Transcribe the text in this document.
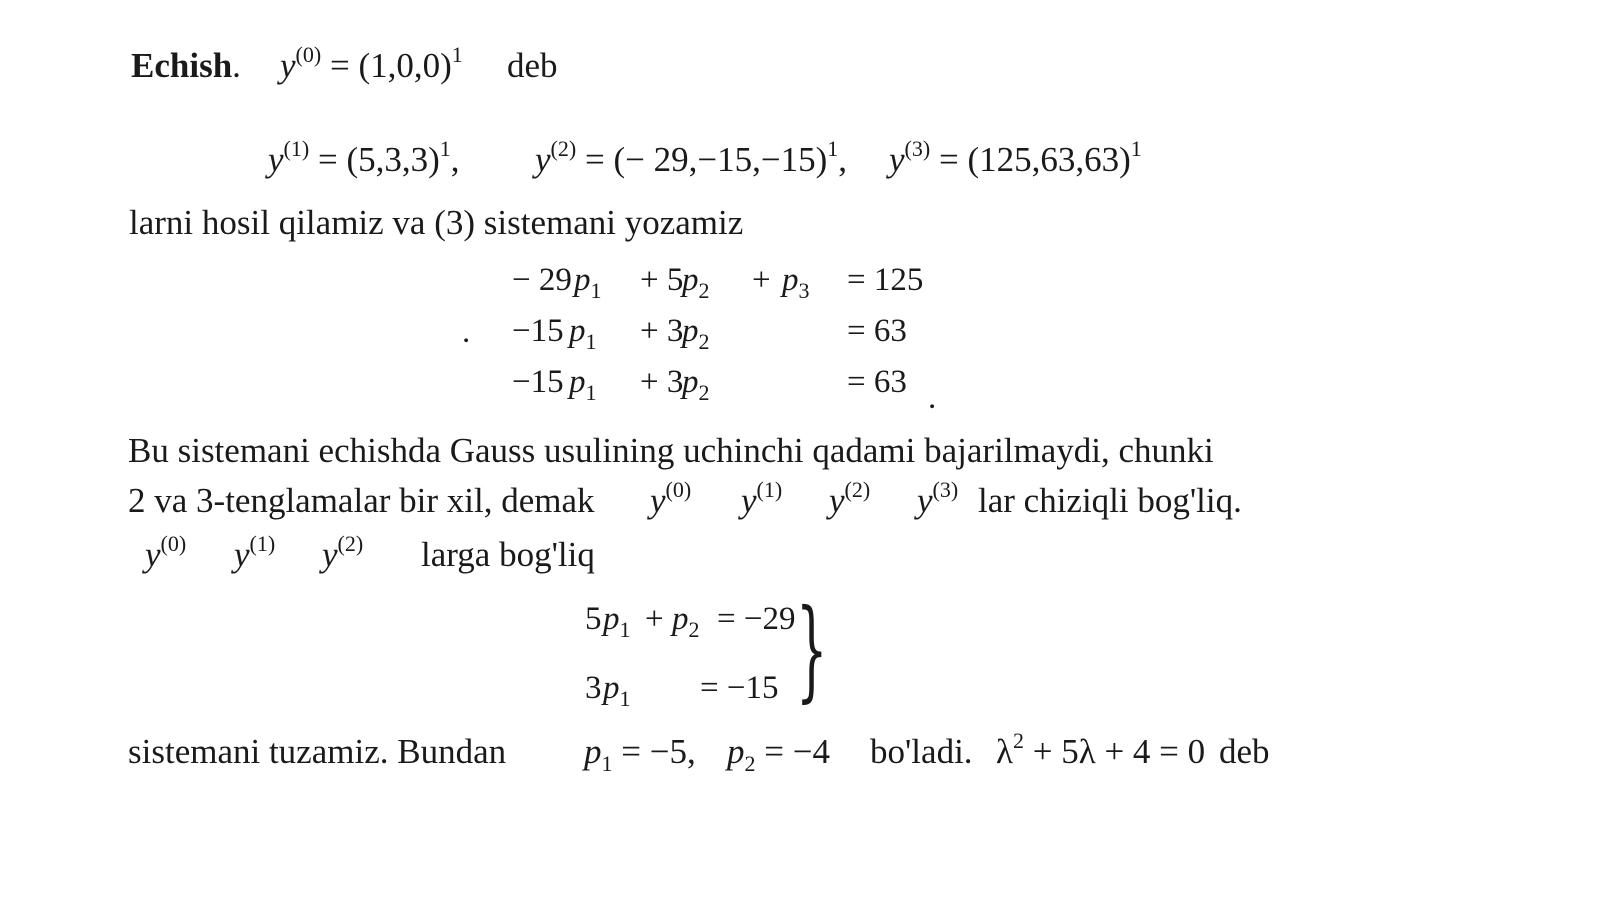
Echish. $y^{(0)} = (1,0,0)^1$ deb
$y^{(1)} = (5,3,3)^1$, $y^{(2)}$ = (− 29,−15,−15)$^1$, $y^{(3)} = (125,63,63)^1$
larni hosil qilamiz va (3) sistemani yozamiz
− 29 $p_1 + 5$
$p_2 + p_3 = 125$
. −15 $p_1 + 3$
$p_2$	= 63
−15 $p_1 + 3$
$p_2$	= 63 .
Bu sistemani echishda Gauss usulining uchinchi qadami bajarilmaydi, chunki
2 va 3-tenglamalar bir xil, demak $y^{(0)}$ $y^{(1)}$ $y^{(2)}$ $y^{(3)}$ lar chiziqli bog'liq.
$y^{(0)}$ $y^{(1)}$ $y^{(2)}$ larga bog'liq
5 $p_1 + p_2 = -29$
3 $p_1 = -15$ }
sistemani tuzamiz. Bundan $p_1 = -5$, $p_2 = -4$ bo'ladi. $\lambda^2 + 5\lambda + 4 = 0$ deb
